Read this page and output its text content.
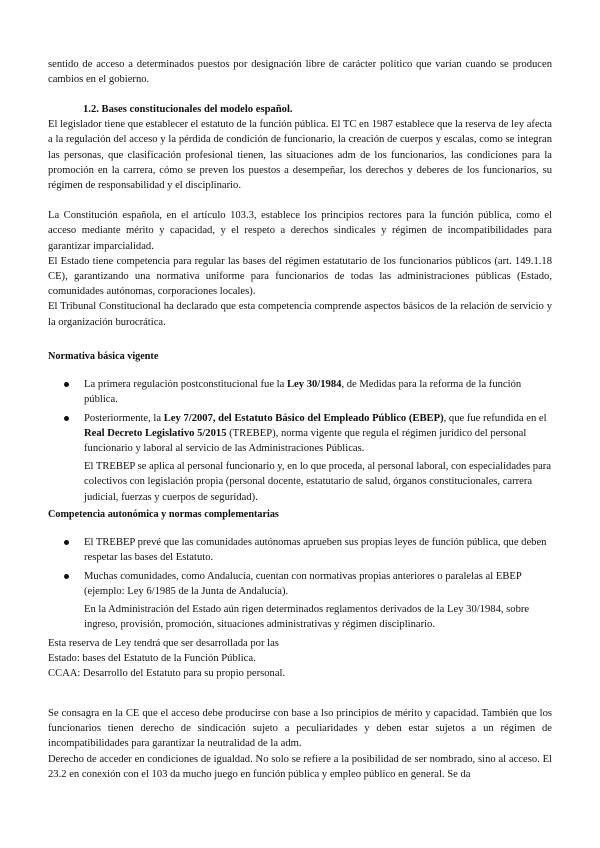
sentido de acceso a determinados puestos por designación libre de carácter político que varían cuando se producen cambios en el gobierno.

1.2. Bases constitucionales del modelo español.

El legislador tiene que establecer el estatuto de la función pública. El TC en 1987 establece que la reserva de ley afecta a la regulación del acceso y la pérdida de condición de funcionario, la creación de cuerpos y escalas, como se integran las personas, que clasificación profesional tienen, las situaciones adm de los funcionarios, las condiciones para la promoción en la carrera, cómo se preven los puestos a desempeñar, los derechos y deberes de los funcionarios, su régimen de responsabilidad y el disciplinario.

La Constitución española, en el artículo 103.3, establece los principios rectores para la función pública, como el acceso mediante mérito y capacidad, y el respeto a derechos sindicales y régimen de incompatibilidades para garantizar imparcialidad.

El Estado tiene competencia para regular las bases del régimen estatutario de los funcionarios públicos (art. 149.1.18 CE), garantizando una normativa uniforme para funcionarios de todas las administraciones públicas (Estado, comunidades autónomas, corporaciones locales).

El Tribunal Constitucional ha declarado que esta competencia comprende aspectos básicos de la relación de servicio y la organización burocrática.

Normativa básica vigente

La primera regulación postconstitucional fue la Ley 30/1984, de Medidas para la reforma de la función pública.
Posteriormente, la Ley 7/2007, del Estatuto Básico del Empleado Público (EBEP), que fue refundida en el Real Decreto Legislativo 5/2015 (TREBEP), norma vigente que regula el régimen jurídico del personal funcionario y laboral al servicio de las Administraciones Públicas.

El TREBEP se aplica al personal funcionario y, en lo que proceda, al personal laboral, con especialidades para colectivos con legislación propia (personal docente, estatutario de salud, órganos constitucionales, carrera judicial, fuerzas y cuerpos de seguridad).

Competencia autonómica y normas complementarias

El TREBEP prevé que las comunidades autónomas aprueben sus propias leyes de función pública, que deben respetar las bases del Estatuto.
Muchas comunidades, como Andalucía, cuentan con normativas propias anteriores o paralelas al EBEP (ejemplo: Ley 6/1985 de la Junta de Andalucía).

En la Administración del Estado aún rigen determinados reglamentos derivados de la Ley 30/1984, sobre ingreso, provisión, promoción, situaciones administrativas y régimen disciplinario.

Esta reserva de Ley tendrá que ser desarrollada por las

Estado: bases del Estatuto de la Función Pública.

CCAA: Desarrollo del Estatuto para su propio personal.

Se consagra en la CE que el acceso debe producirse con base a lso principios de mérito y capacidad. También que los funcionarios tienen derecho de sindicación sujeto a peculiaridades y deben estar sujetos a un régimen de incompatibilidades para garantizar la neutralidad de la adm.

Derecho de acceder en condiciones de igualdad. No solo se refiere a la posibilidad de ser nombrado, sino al acceso. El 23.2 en conexión con el 103 da mucho juego en función pública y empleo público en general. Se da
